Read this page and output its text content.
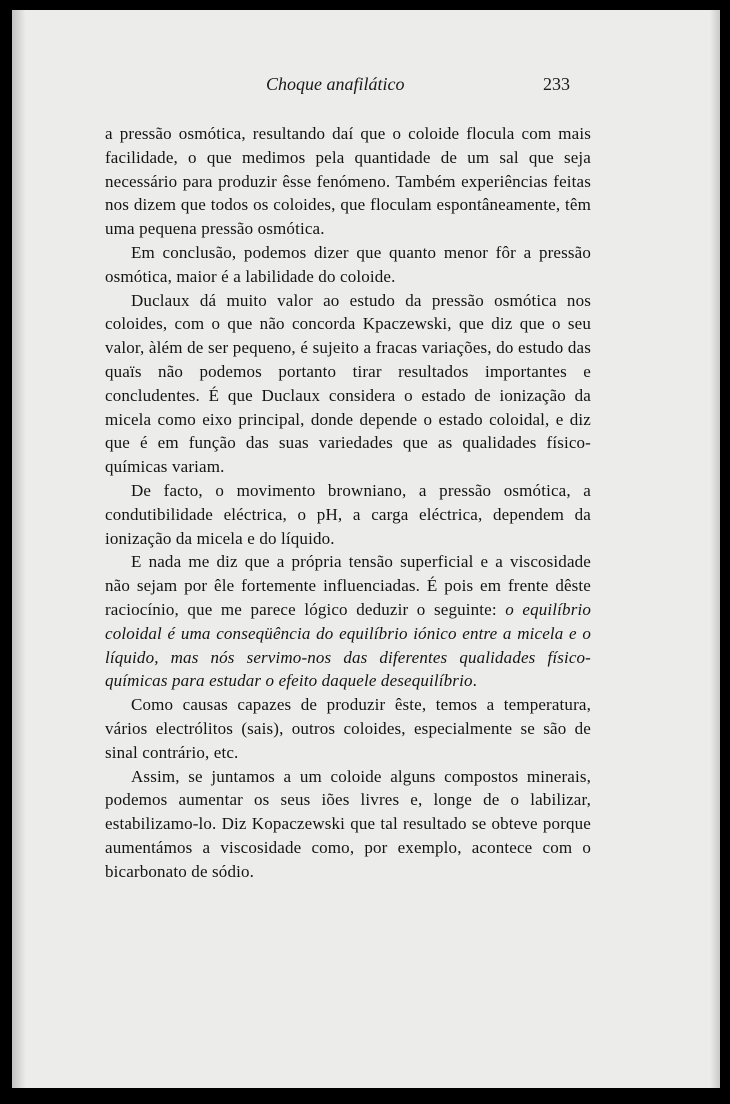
Choque anafilático	233

a pressão osmótica, resultando daí que o coloide flocula com mais facilidade, o que medimos pela quantidade de um sal que seja necessário para produzir êsse fenómeno. Também experiências feitas nos dizem que todos os coloides, que floculam espontâneamente, têm uma pequena pressão osmótica.

Em conclusão, podemos dizer que quanto menor fôr a pressão osmótica, maior é a labilidade do coloide.

Duclaux dá muito valor ao estudo da pressão osmótica nos coloides, com o que não concorda Kpaczewski, que diz que o seu valor, àlém de ser pequeno, é sujeito a fracas variações, do estudo das quaïs não podemos portanto tirar resultados importantes e concludentes. É que Duclaux considera o estado de ionização da micela como eixo principal, donde depende o estado coloidal, e diz que é em função das suas variedades que as qualidades físico-químicas variam.

De facto, o movimento browniano, a pressão osmótica, a condutibilidade eléctrica, o pH, a carga eléctrica, dependem da ionização da micela e do líquido.

E nada me diz que a própria tensão superficial e a viscosidade não sejam por êle fortemente influenciadas. É pois em frente dêste raciocínio, que me parece lógico deduzir o seguinte: o equilíbrio coloidal é uma conseqüência do equilíbrio iónico entre a micela e o líquido, mas nós servimo-nos das diferentes qualidades físico-químicas para estudar o efeito daquele desequilíbrio.

Como causas capazes de produzir êste, temos a temperatura, vários electrólitos (sais), outros coloides, especialmente se são de sinal contrário, etc.

Assim, se juntamos a um coloide alguns compostos minerais, podemos aumentar os seus iões livres e, longe de o labilizar, estabilizamo-lo. Diz Kopaczewski que tal resultado se obteve porque aumentámos a viscosidade como, por exemplo, acontece com o bicarbonato de sódio.
